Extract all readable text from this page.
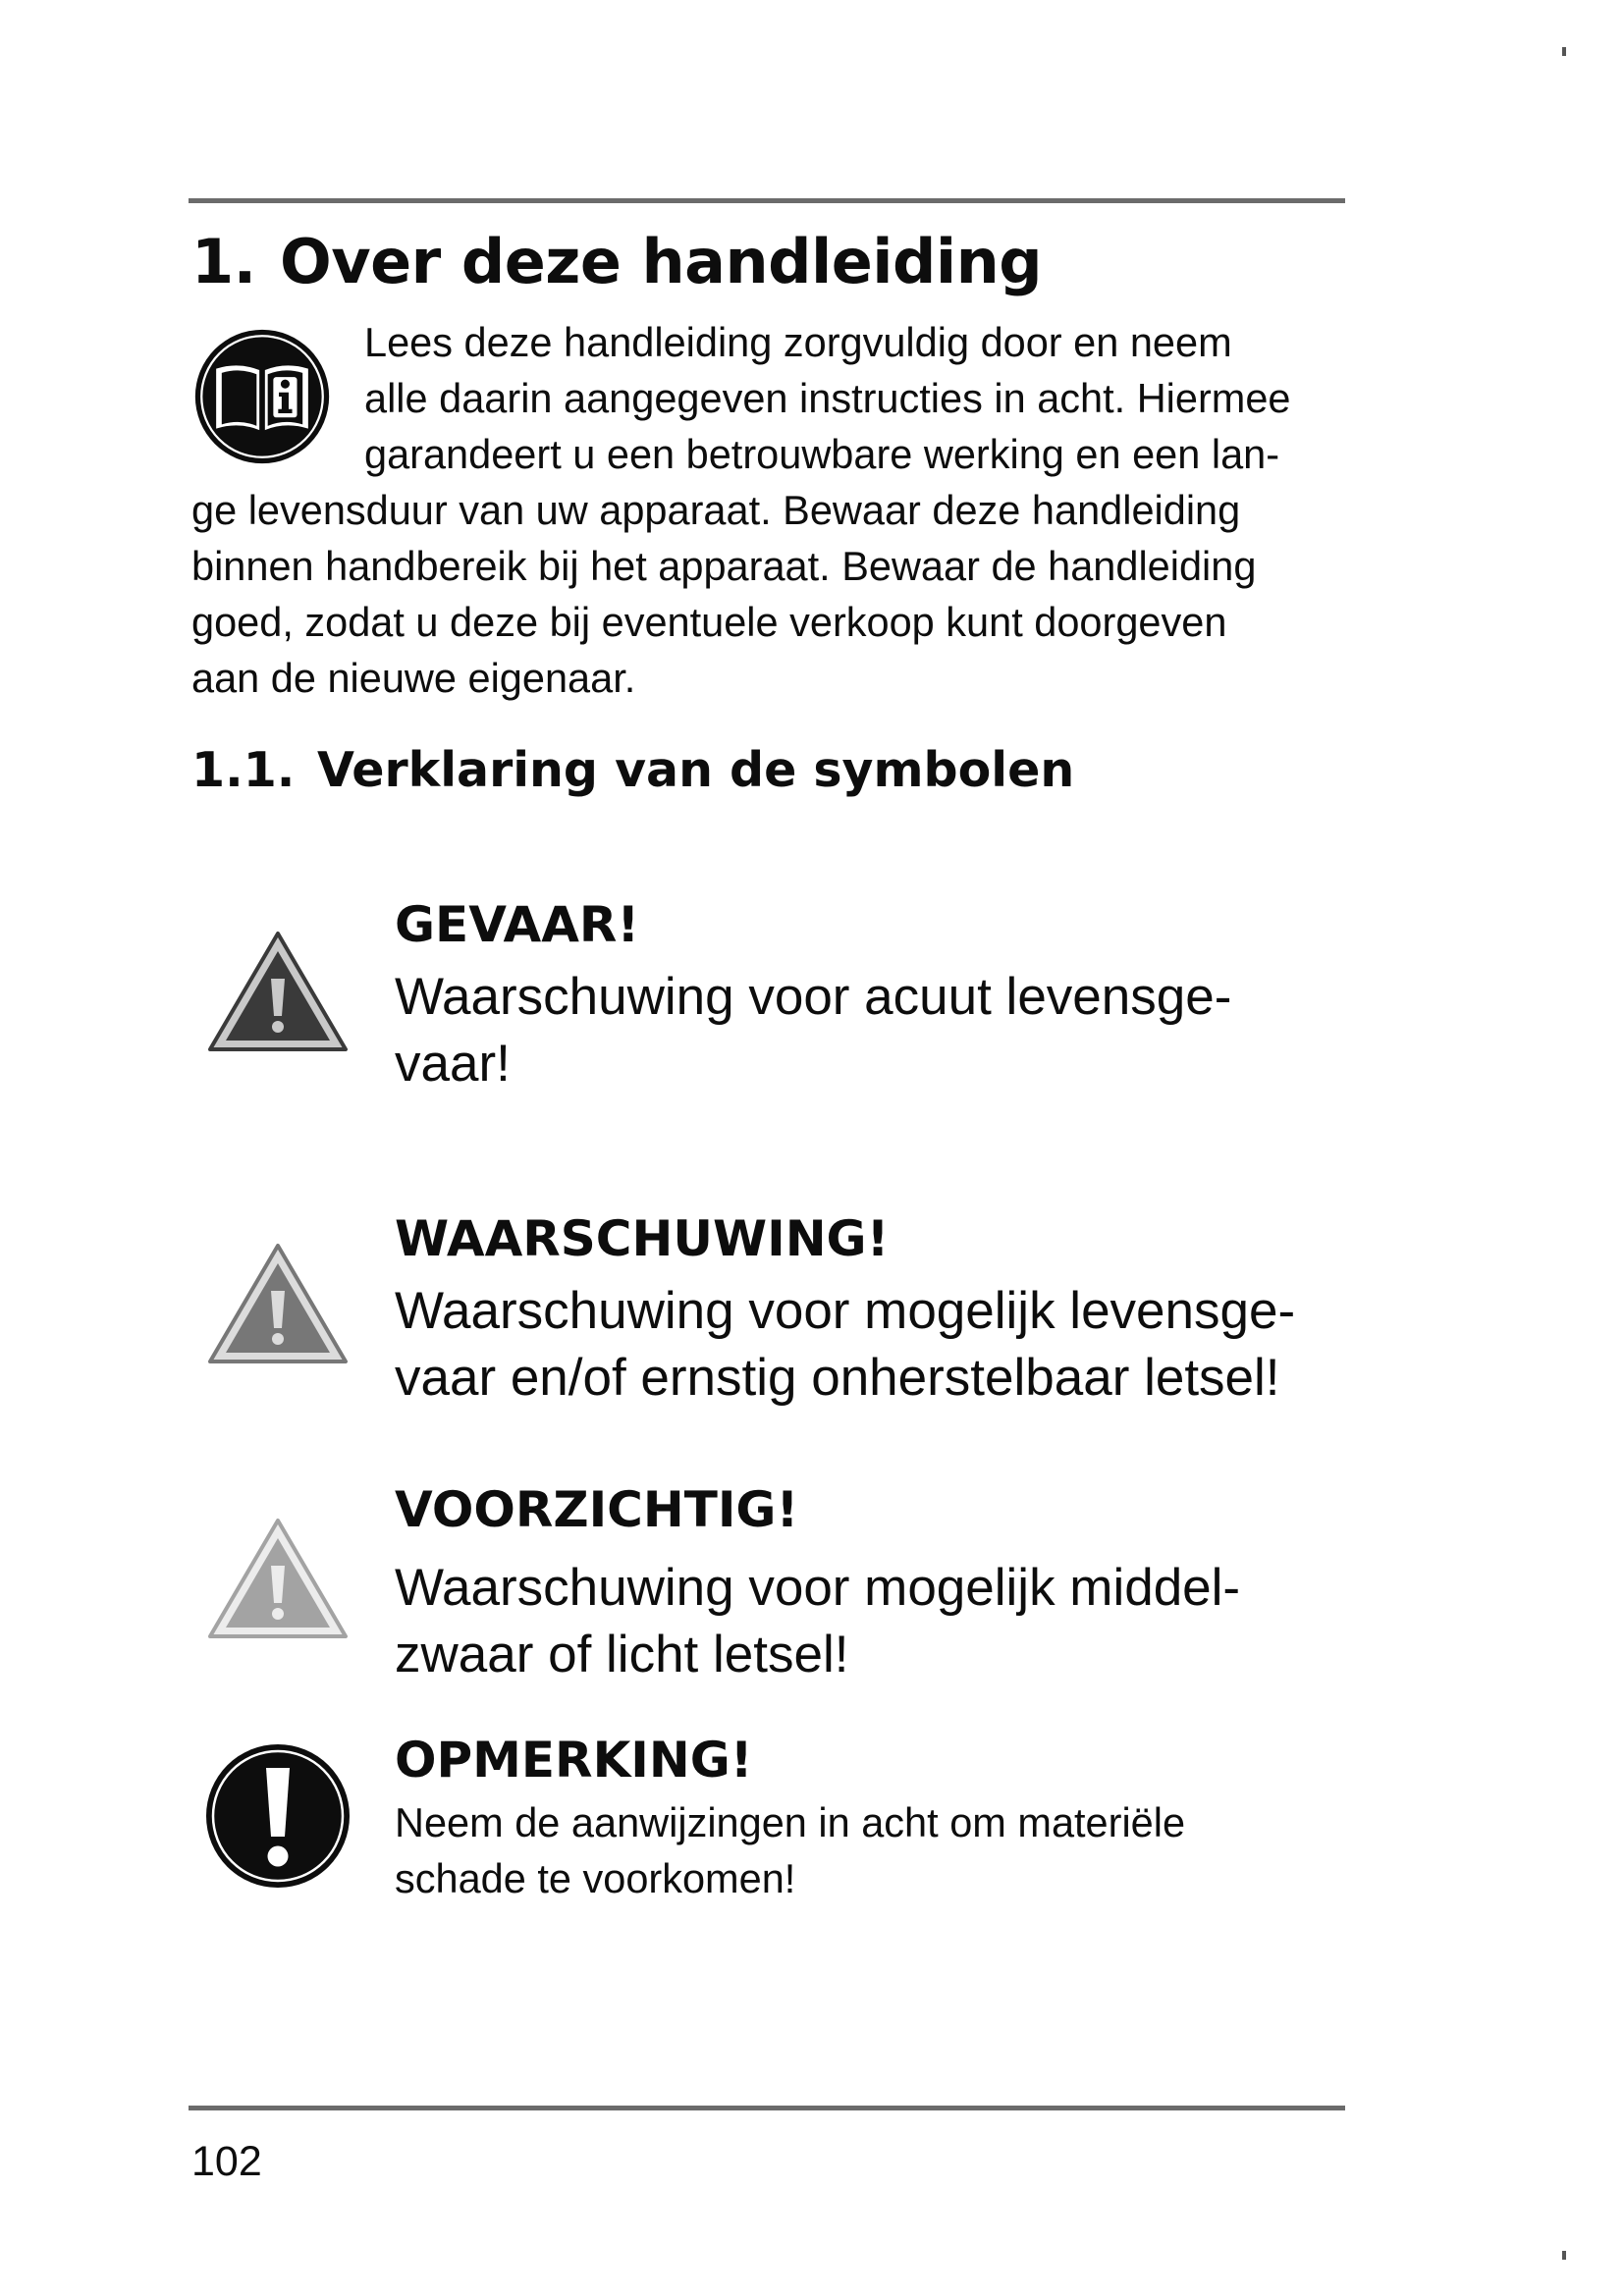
1. Over deze handleiding
Lees deze handleiding zorgvuldig door en neem
alle daarin aangegeven instructies in acht. Hiermee
garandeert u een betrouwbare werking en een lan-
ge levensduur van uw apparaat. Bewaar deze handleiding
binnen handbereik bij het apparaat. Bewaar de handleiding
goed, zodat u deze bij eventuele verkoop kunt doorgeven
aan de nieuwe eigenaar.
1.1. Verklaring van de symbolen

GEVAAR!

Waarschuwing voor acuut levensge-
vaar!

WAARSCHUWING!

Waarschuwing voor mogelijk levensge-
vaar en/of ernstig onherstelbaar letsel!

VOORZICHTIG!

Waarschuwing voor mogelijk middel-
zwaar of licht letsel!

OPMERKING!

Neem de aanwijzingen in acht om materiële
schade te voorkomen!

102
